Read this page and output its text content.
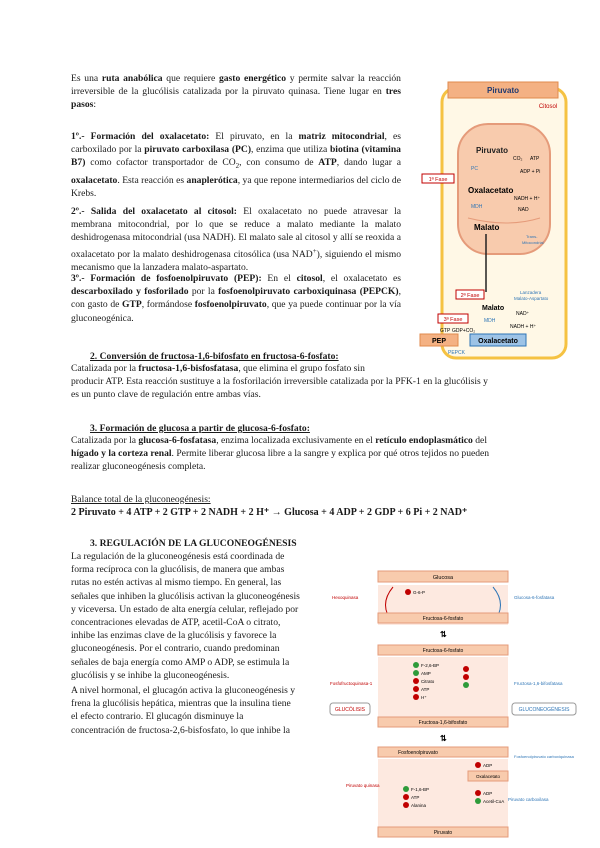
Es una ruta anabólica que requiere gasto energético y permite salvar la reacción irreversible de la glucólisis catalizada por la piruvato quinasa. Tiene lugar en tres pasos:

1º.- Formación del oxalacetato: El piruvato, en la matriz mitocondrial, es carboxilado por la piruvato carboxilasa (PC), enzima que utiliza biotina (vitamina B7) como cofactor transportador de $CO_2$, con consumo de ATP, dando lugar a oxalacetato. Esta reacción es anaplerótica, ya que repone intermediarios del ciclo de Krebs.

2º.- Salida del oxalacetato al citosol: El oxalacetato no puede atravesar la membrana mitocondrial, por lo que se reduce a malato mediante la malato deshidrogenasa mitocondrial (usa NADH). El malato sale al citosol y allí se reoxida a oxalacetato por la malato deshidrogenasa citosólica (usa NAD+), siguiendo el mismo mecanismo que la lanzadera malato-aspartato.

3º.- Formación de fosfoenolpiruvato (PEP): En el citosol, el oxalacetato es descarboxilado y fosforilado por la fosfoenolpiruvato carboxiquinasa (PEPCK), con gasto de GTP, formándose fosfoenolpiruvato, que ya puede continuar por la vía gluconeogénica.

Piruvato
Citosol
Piruvato
CO₂ ATP
PC	ADP + Pi
1ª Fase
Oxalacetato
NADH + H⁺
MDH	NAD
Malato
Trans-
Mitocondrial
2ª Fase
Lanzadera
Malato-Aspartato
Malato
NAD⁺
3ª Fase	MDH
GTP GDP+CO₂
NADH + H⁺
PEP	Oxalacetato
PEPCK

2. Conversión de fructosa-1,6-bifosfato en fructosa-6-fosfato:

Catalizada por la fructosa-1,6-bisfosfatasa, que elimina el grupo fosfato sin
producir ATP. Esta reacción sustituye a la fosforilación irreversible catalizada por la PFK-1 en la glucólisis y
es un punto clave de regulación entre ambas vías.

3. Formación de glucosa a partir de glucosa-6-fosfato:

Catalizada por la glucosa-6-fosfatasa, enzima localizada exclusivamente en el retículo endoplasmático del
hígado y la corteza renal. Permite liberar glucosa libre a la sangre y explica por qué otros tejidos no pueden
realizar gluconeogénesis completa.

Balance total de la gluconeogénesis:

2 Piruvato + 4 ATP + 2 GTP + 2 NADH + 2 H⁺ → Glucosa + 4 ADP + 2 GDP + 6 Pi + 2 NAD⁺

3. REGULACIÓN DE LA GLUCONEOGÉNESIS

La regulación de la gluconeogénesis está coordinada de
forma recíproca con la glucólisis, de manera que ambas
rutas no estén activas al mismo tiempo. En general, las
señales que inhiben la glucólisis activan la gluconeogénesis
y viceversa. Un estado de alta energía celular, reflejado por
concentraciones elevadas de ATP, acetil-CoA o citrato,
inhibe las enzimas clave de la glucólisis y favorece la
gluconeogénesis. Por el contrario, cuando predominan
señales de baja energía como AMP o ADP, se estimula la
glucólisis y se inhibe la gluconeogénesis.
A nivel hormonal, el glucagón activa la gluconeogénesis y
frena la glucólisis hepática, mientras que la insulina tiene
el efecto contrario. El glucagón disminuye la
concentración de fructosa-2,6-bisfosfato, lo que inhibe la
Glucosa
G-6-P
Hexoquinasa	Glucosa-6-fosfatasa
Fructosa-6-fosfato
⇅
Fructosa-6-fosfato
Fosfofructoquinasa-1	Fructosa-1,6-bifosfatasa
F-2,6-BP
AMP
Citrato
ATP
H⁺
GLUCÓLISIS	GLUCONEOGÉNESIS
Fructosa-1,6-bifosfato
⇅
Fosfoenolpiruvato
Fosfoenolpiruvato carboxiquinasa
ADP
Oxalacetato
Piruvato quinasa
F-1,6-BP
ATP
Alanina
Acetil-CoA
ADP
Piruvato carboxilasa
Piruvato
